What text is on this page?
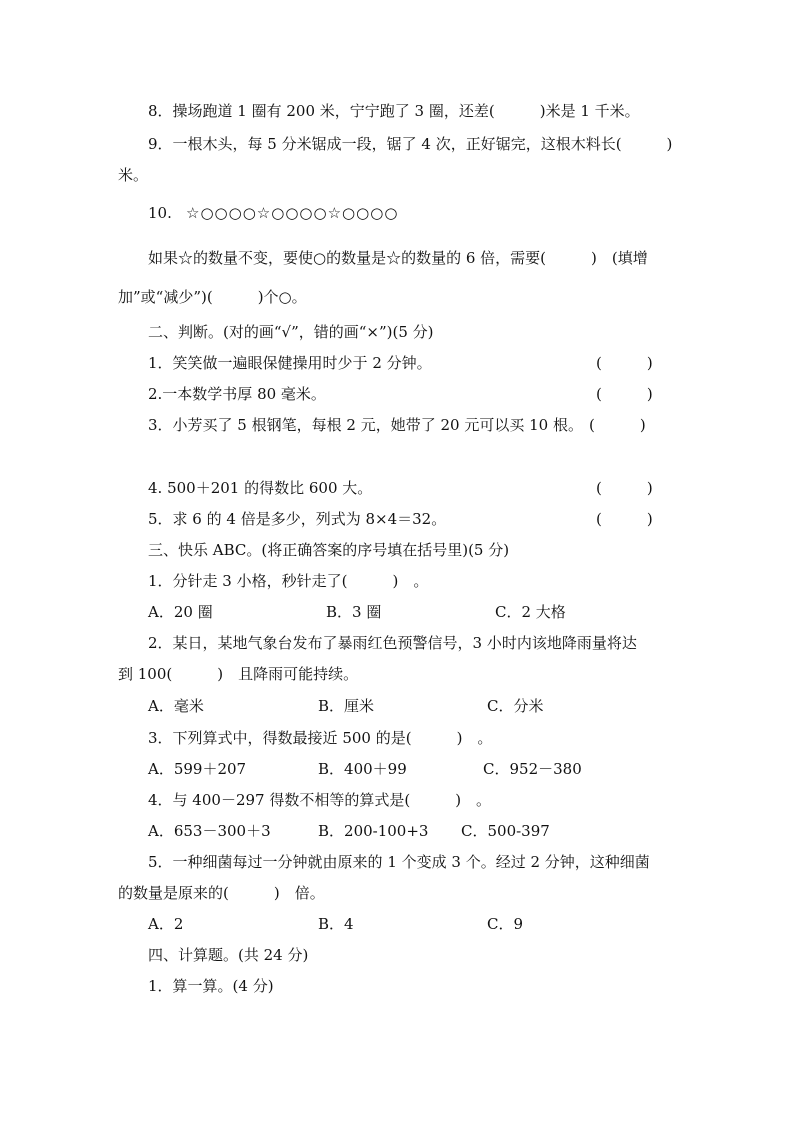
8．操场跑道 1 圈有 200 米，宁宁跑了 3 圈，还差(　　　)米是 1 千米。
9．一根木头，每 5 分米锯成一段，锯了 4 次，正好锯完，这根木料长(　　　)
米。
10. ☆○○○○☆○○○○☆○○○○
如果☆的数量不变，要使○的数量是☆的数量的 6 倍，需要(　　　)　(填增
加”或“减少”)(　　　)个○。
二、判断。(对的画“√”，错的画“×”)(5 分)
1．笑笑做一遍眼保健操用时少于 2 分钟。	(　　　)
2.一本数学书厚 80 毫米。	(　　　)
3．小芳买了 5 根钢笔，每根 2 元，她带了 20 元可以买 10 根。 (　　　)
4. 500＋201 的得数比 600 大。	(　　　)
5．求 6 的 4 倍是多少，列式为 8×4＝32。	(　　　)
三、快乐 ABC。(将正确答案的序号填在括号里)(5 分)
1．分针走 3 小格，秒针走了(　　　)　。
A．20 圈	B．3 圈	C．2 大格
2．某日，某地气象台发布了暴雨红色预警信号，3 小时内该地降雨量将达
到 100(　　　)　且降雨可能持续。
A．毫米	B．厘米	C．分米
3．下列算式中，得数最接近 500 的是(　　　)　。
A．599＋207	B．400＋99	C．952－380
4．与 400－297 得数不相等的算式是(　　　)　。
A．653－300＋3	B．200-100+3 C．500-397
5．一种细菌每过一分钟就由原来的 1 个变成 3 个。经过 2 分钟，这种细菌
的数量是原来的(　　　)　倍。
A．2	B．4	C．9
四、计算题。(共 24 分)
1．算一算。(4 分)
